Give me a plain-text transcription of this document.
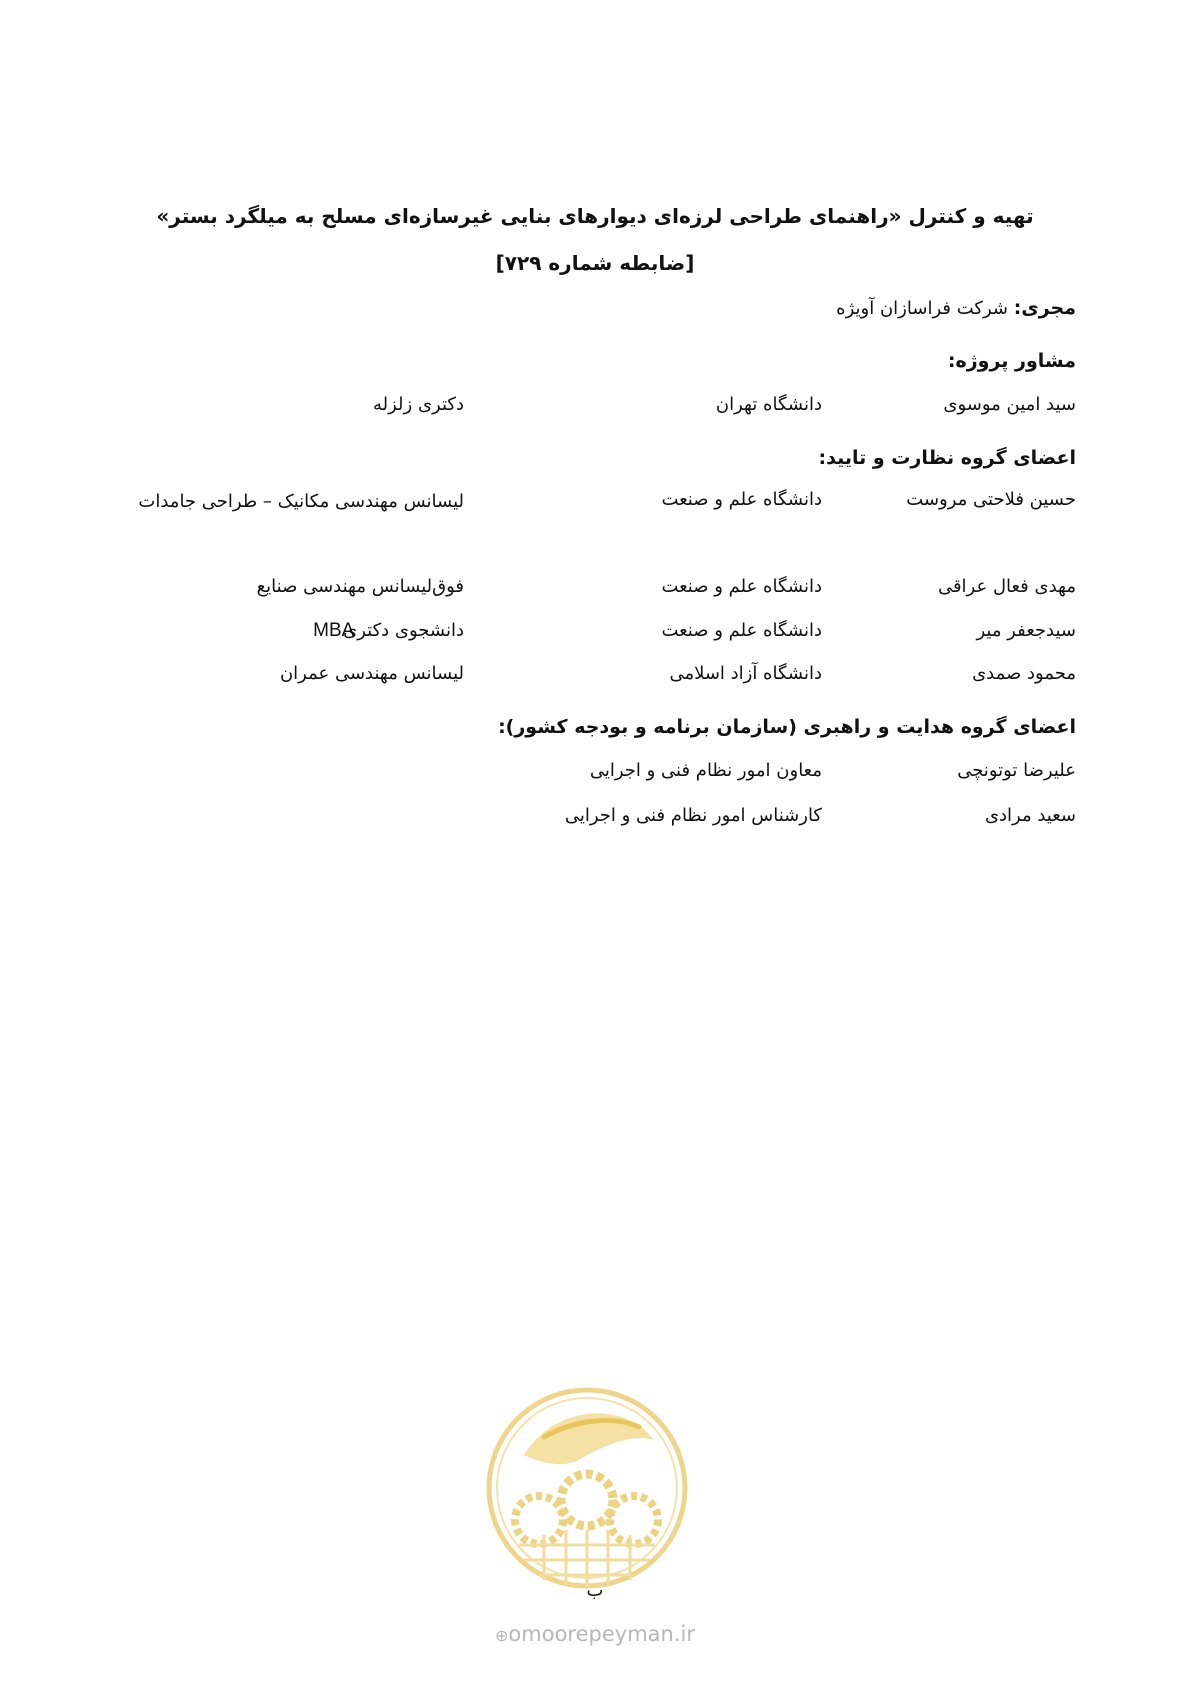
تهیه و کنترل «راهنمای طراحی لرزه‌ای دیوارهای بنایی غیرسازه‌ای مسلح به میلگرد بستر»
[ضابطه شماره ۷۲۹]
مجری: شرکت فراسازان آویژه
مشاور پروژه:
سید امین موسوی
دانشگاه تهران
دکتری زلزله
اعضای گروه نظارت و تایید:
حسین فلاحتی مروست
دانشگاه علم و صنعت
لیسانس مهندسی مکانیک – طراحی جامدات
مهدی فعال عراقی
دانشگاه علم و صنعت
فوق‌لیسانس مهندسی صنایع
سیدجعفر میر
دانشگاه علم و صنعت
دانشجوی دکتری
MBA
محمود صمدی
دانشگاه آزاد اسلامی
لیسانس مهندسی عمران
اعضای گروه هدایت و راهبری (سازمان برنامه و بودجه کشور):
علیرضا توتونچی
معاون امور نظام فنی و اجرایی
سعید مرادی
کارشناس امور نظام فنی و اجرایی
ب
⊕omoorepeyman.ir
